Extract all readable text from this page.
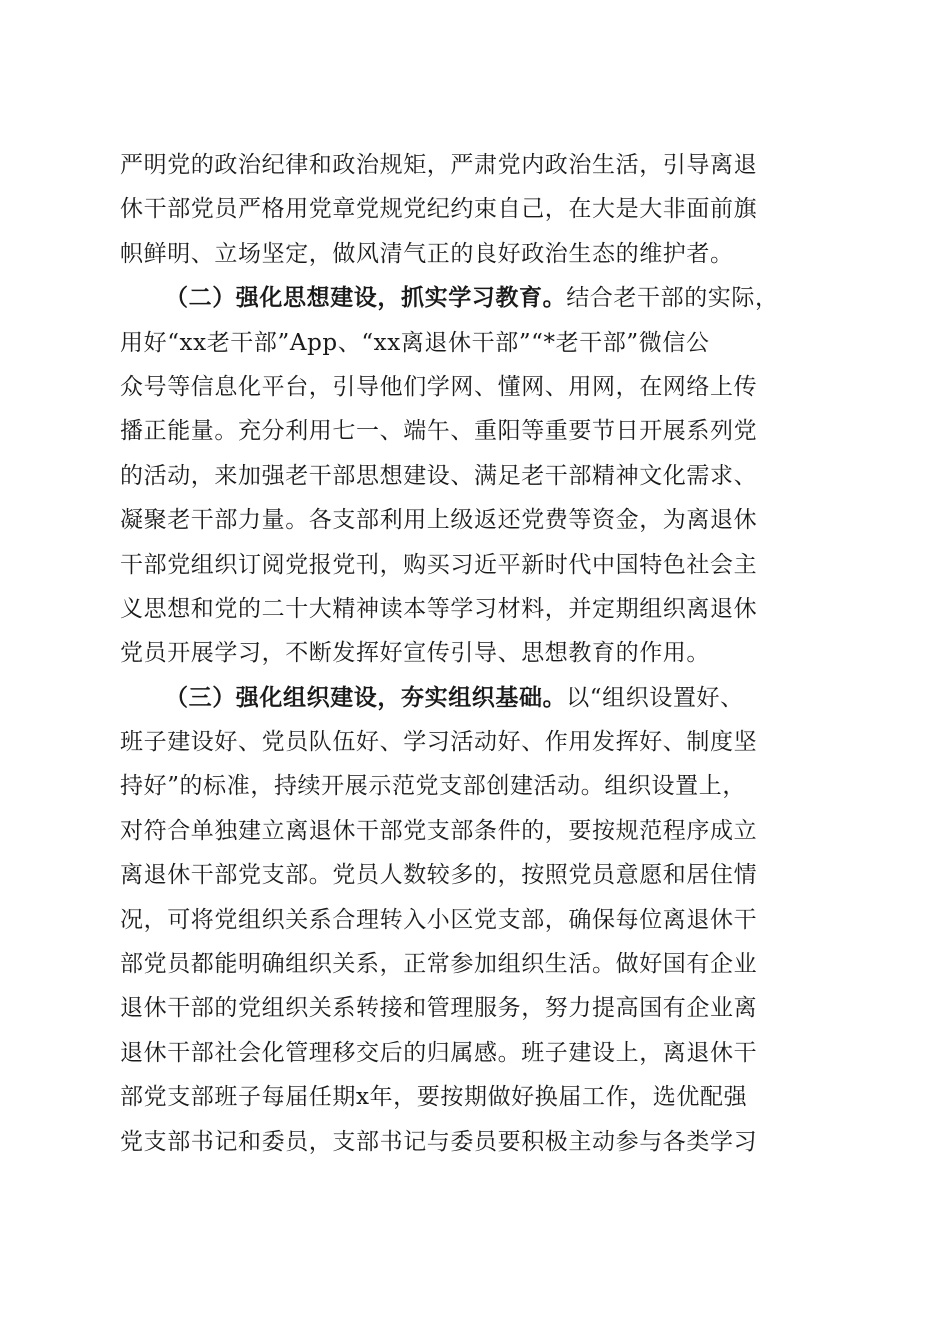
严明党的政治纪律和政治规矩，严肃党内政治生活，引导离退
休干部党员严格用党章党规党纪约束自己，在大是大非面前旗
帜鲜明、立场坚定，做风清气正的良好政治生态的维护者。
（二）强化思想建设，抓实学习教育。结合老干部的实际，
用好“xx老干部”App、“xx离退休干部”“*老干部”微信公
众号等信息化平台，引导他们学网、懂网、用网，在网络上传
播正能量。充分利用七一、端午、重阳等重要节日开展系列党
的活动，来加强老干部思想建设、满足老干部精神文化需求、
凝聚老干部力量。各支部利用上级返还党费等资金，为离退休
干部党组织订阅党报党刊，购买习近平新时代中国特色社会主
义思想和党的二十大精神读本等学习材料，并定期组织离退休
党员开展学习，不断发挥好宣传引导、思想教育的作用。
（三）强化组织建设，夯实组织基础。以“组织设置好、
班子建设好、党员队伍好、学习活动好、作用发挥好、制度坚
持好”的标准，持续开展示范党支部创建活动。组织设置上，
对符合单独建立离退休干部党支部条件的，要按规范程序成立
离退休干部党支部。党员人数较多的，按照党员意愿和居住情
况，可将党组织关系合理转入小区党支部，确保每位离退休干
部党员都能明确组织关系，正常参加组织生活。做好国有企业
退休干部的党组织关系转接和管理服务，努力提高国有企业离
退休干部社会化管理移交后的归属感。班子建设上，离退休干
部党支部班子每届任期x年，要按期做好换届工作，选优配强
党支部书记和委员，支部书记与委员要积极主动参与各类学习
